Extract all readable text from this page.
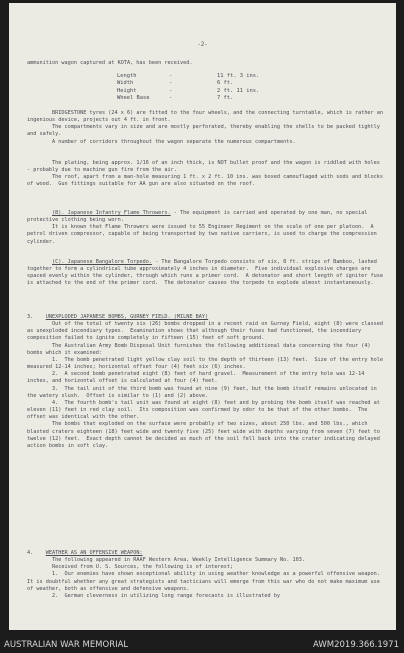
-2-
ammunition wagon captured at KOTA, has been received.
Length	-	11 ft. 3 ins.
Width	-	6 ft.
Height	-	2 ft. 11 ins.
Wheel Base	-	7 ft.
BRIDGESTONE tyres (24 x 6) are fitted to the four wheels, and the connecting turntable, which is rather an ingenious device, projects out 4 ft. in front.
The compartments vary in size and are mostly perforated, thereby enabling the shells to be packed tightly and safely.
A number of corridors throughout the wagon separate the numerous compartments.
The plating, being approx. 1/16 of an inch thick, is NOT bullet proof and the wagon is riddled with holes - probably due to machine gun fire from the air.
The roof, apart from a man-hole measuring 1 ft. x 2 ft. 10 ins. was boxed camouflaged with sods and blocks of wood.  Gun fittings suitable for AA gun are also situated on the roof.
(B). Japanese Infantry Flame Throwers. - The equipment is carried and operated by one man, no special protective clothing being worn.
It is known that Flame Throwers were issued to 55 Engineer Regiment on the scale of one per platoon.  A petrol driven compressor, capable of being transported by two native carriers, is used to charge the compression cylinder.
(C). Japanese Bangalore Torpedo. - The Bangalore Torpedo consists of six, 8 ft. strips of Bamboo, lashed together to form a cylindrical tube approximately 4 inches in diameter.  Five individual explosive charges are spaced evenly within the cylinder, through which runs a primer cord.  A detonator and short length of igniter fuse is attached to the end of the primer cord.  The detonator causes the torpedo to explode almost instantaneously.
3. UNEXPLODED JAPANESE BOMBS, GURNEY FIELD. (MILNE BAY)
Out of the total of twenty six (26) bombs dropped in a recent raid on Gurney Field, eight (8) were classed as unexploded incendiary types.  Examination shows that although their fuses had functioned, the incendiary composition failed to ignite completely in fifteen (15) feet of soft ground.
The Australian Army Bomb Disposal Unit furnishes the following additional data concerning the four (4) bombs which it examined:
1.  The bomb penetrated light yellow clay soil to the depth of thirteen (13) feet.  Size of the entry hole measured 12-14 inches; horizontal offset four (4) feet six (6) inches.
2.  A second bomb penetrated eight (8) feet of hard gravel.  Measurement of the entry hole was 12-14 inches, and horizontal offset is calculated at four (4) feet.
3.  The tail unit of the third bomb was found at nine (9) feet, but the bomb itself remains unlocated in the watery slush.  Offset is similar to (1) and (2) above.
4.  The fourth bomb's tail unit was found at eight (8) feet and by probing the bomb itself was reached at eleven (11) feet in red clay soil.  Its composition was confirmed by odor to be that of the other bombs.  The offset was identical with the other.
The bombs that exploded on the surface were probably of two sizes, about 250 lbs. and 500 lbs., which blasted craters eighteen (18) feet wide and twenty five (25) feet wide with depths varying from seven (7) feet to twelve (12) feet.  Exact depth cannot be decided as much of the soil fell back into the crater indicating delayed action bombs in soft clay.
4. WEATHER AS AN OFFENSIVE WEAPON:
The following appeared in RAAF Western Area, Weekly Intelligence Summary No. 103.
Received from U. S. Sources, the following is of interest;
1.  Our enemies have shown exceptional ability in using weather knowledge as a powerful offensive weapon.  It is doubtful whether any great strategists and tacticians will emerge from this war who do not make maximum use of weather, both as offensive and defensive weapons.
2.  German cleverness in utilizing long range forecasts is illustrated by
AUSTRALIAN WAR MEMORIAL	AWM2019.366.1971
